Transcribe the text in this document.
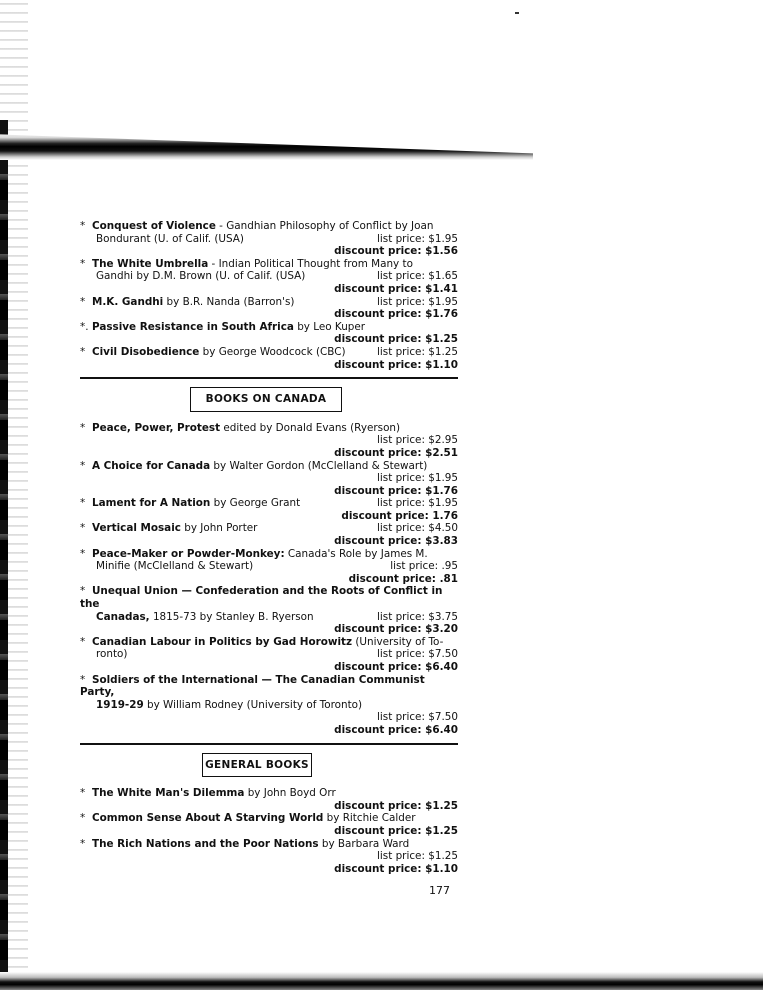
* Conquest of Violence - Gandhian Philosophy of Conflict by Joan
Bondurant (U. of Calif. (USA)	list price: $1.95
discount price: $1.56
* The White Umbrella - Indian Political Thought from Many to
Gandhi by D.M. Brown (U. of Calif. (USA)	list price: $1.65
discount price: $1.41
* M.K. Gandhi by B.R. Nanda (Barron's)	list price: $1.95
discount price: $1.76
*. Passive Resistance in South Africa by Leo Kuper
discount price: $1.25
* Civil Disobedience by George Woodcock (CBC)	list price: $1.25
discount price: $1.10
BOOKS ON CANADA
* Peace, Power, Protest edited by Donald Evans (Ryerson)
list price: $2.95
discount price: $2.51
* A Choice for Canada by Walter Gordon (McClelland & Stewart)
list price: $1.95
discount price: $1.76
* Lament for A Nation by George Grant	list price: $1.95
discount price: 1.76
* Vertical Mosaic by John Porter	list price: $4.50
discount price: $3.83
* Peace-Maker or Powder-Monkey: Canada's Role by James M.
Minifie (McClelland & Stewart)	list price: .95
discount price: .81
* Unequal Union — Confederation and the Roots of Conflict in the
Canadas, 1815-73 by Stanley B. Ryerson	list price: $3.75
discount price: $3.20
* Canadian Labour in Politics by Gad Horowitz (University of To-
ronto)	list price: $7.50
discount price: $6.40
* Soldiers of the International — The Canadian Communist Party,
1919-29 by William Rodney (University of Toronto)
list price: $7.50
discount price: $6.40
GENERAL BOOKS
* The White Man's Dilemma by John Boyd Orr
discount price: $1.25
* Common Sense About A Starving World by Ritchie Calder
discount price: $1.25
* The Rich Nations and the Poor Nations by Barbara Ward
list price: $1.25
discount price: $1.10
177
